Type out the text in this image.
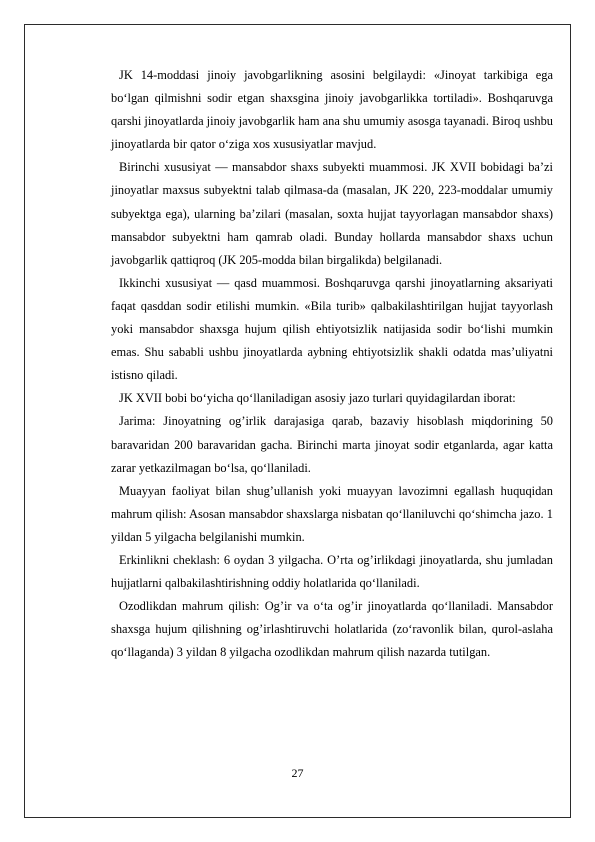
JK 14-moddasi jinoiy javobgarlikning asosini belgilaydi: «Jinoyat tarkibiga ega bo‘lgan qilmishni sodir etgan shaxsgina jinoiy javobgarlikka tortiladi». Boshqaruvga qarshi jinoyatlarda jinoiy javobgarlik ham ana shu umumiy asosga tayanadi. Biroq ushbu jinoyatlarda bir qator o‘ziga xos xususiyatlar mavjud.

Birinchi xususiyat — mansabdor shaxs subyekti muammosi. JK XVII bobidagi ba’zi jinoyatlar maxsus subyektni talab qilmasa-da (masalan, JK 220, 223-moddalar umumiy subyektga ega), ularning ba’zilari (masalan, soxta hujjat tayyorlagan mansabdor shaxs) mansabdor subyektni ham qamrab oladi. Bunday hollarda mansabdor shaxs uchun javobgarlik qattiqroq (JK 205-modda bilan birgalikda) belgilanadi.

Ikkinchi xususiyat — qasd muammosi. Boshqaruvga qarshi jinoyatlarning aksariyati faqat qasddan sodir etilishi mumkin. «Bila turib» qalbakilashtirilgan hujjat tayyorlash yoki mansabdor shaxsga hujum qilish ehtiyotsizlik natijasida sodir bo‘lishi mumkin emas. Shu sababli ushbu jinoyatlarda aybning ehtiyotsizlik shakli odatda mas’uliyatni istisno qiladi.

JK XVII bobi bo‘yicha qo‘llaniladigan asosiy jazo turlari quyidagilardan iborat:

Jarima: Jinoyatning og’irlik darajasiga qarab, bazaviy hisoblash miqdorining 50 baravaridan 200 baravaridan gacha. Birinchi marta jinoyat sodir etganlarda, agar katta zarar yetkazilmagan bo‘lsa, qo‘llaniladi.

Muayyan faoliyat bilan shug’ullanish yoki muayyan lavozimni egallash huquqidan mahrum qilish: Asosan mansabdor shaxslarga nisbatan qo‘llaniluvchi qo‘shimcha jazo. 1 yildan 5 yilgacha belgilanishi mumkin.

Erkinlikni cheklash: 6 oydan 3 yilgacha. O’rta og’irlikdagi jinoyatlarda, shu jumladan hujjatlarni qalbakilashtirishning oddiy holatlarida qo‘llaniladi.

Ozodlikdan mahrum qilish: Og’ir va o‘ta og’ir jinoyatlarda qo‘llaniladi. Mansabdor shaxsga hujum qilishning og’irlashtiruvchi holatlarida (zo‘ravonlik bilan, qurol-aslaha qo‘llaganda) 3 yildan 8 yilgacha ozodlikdan mahrum qilish nazarda tutilgan.

27
